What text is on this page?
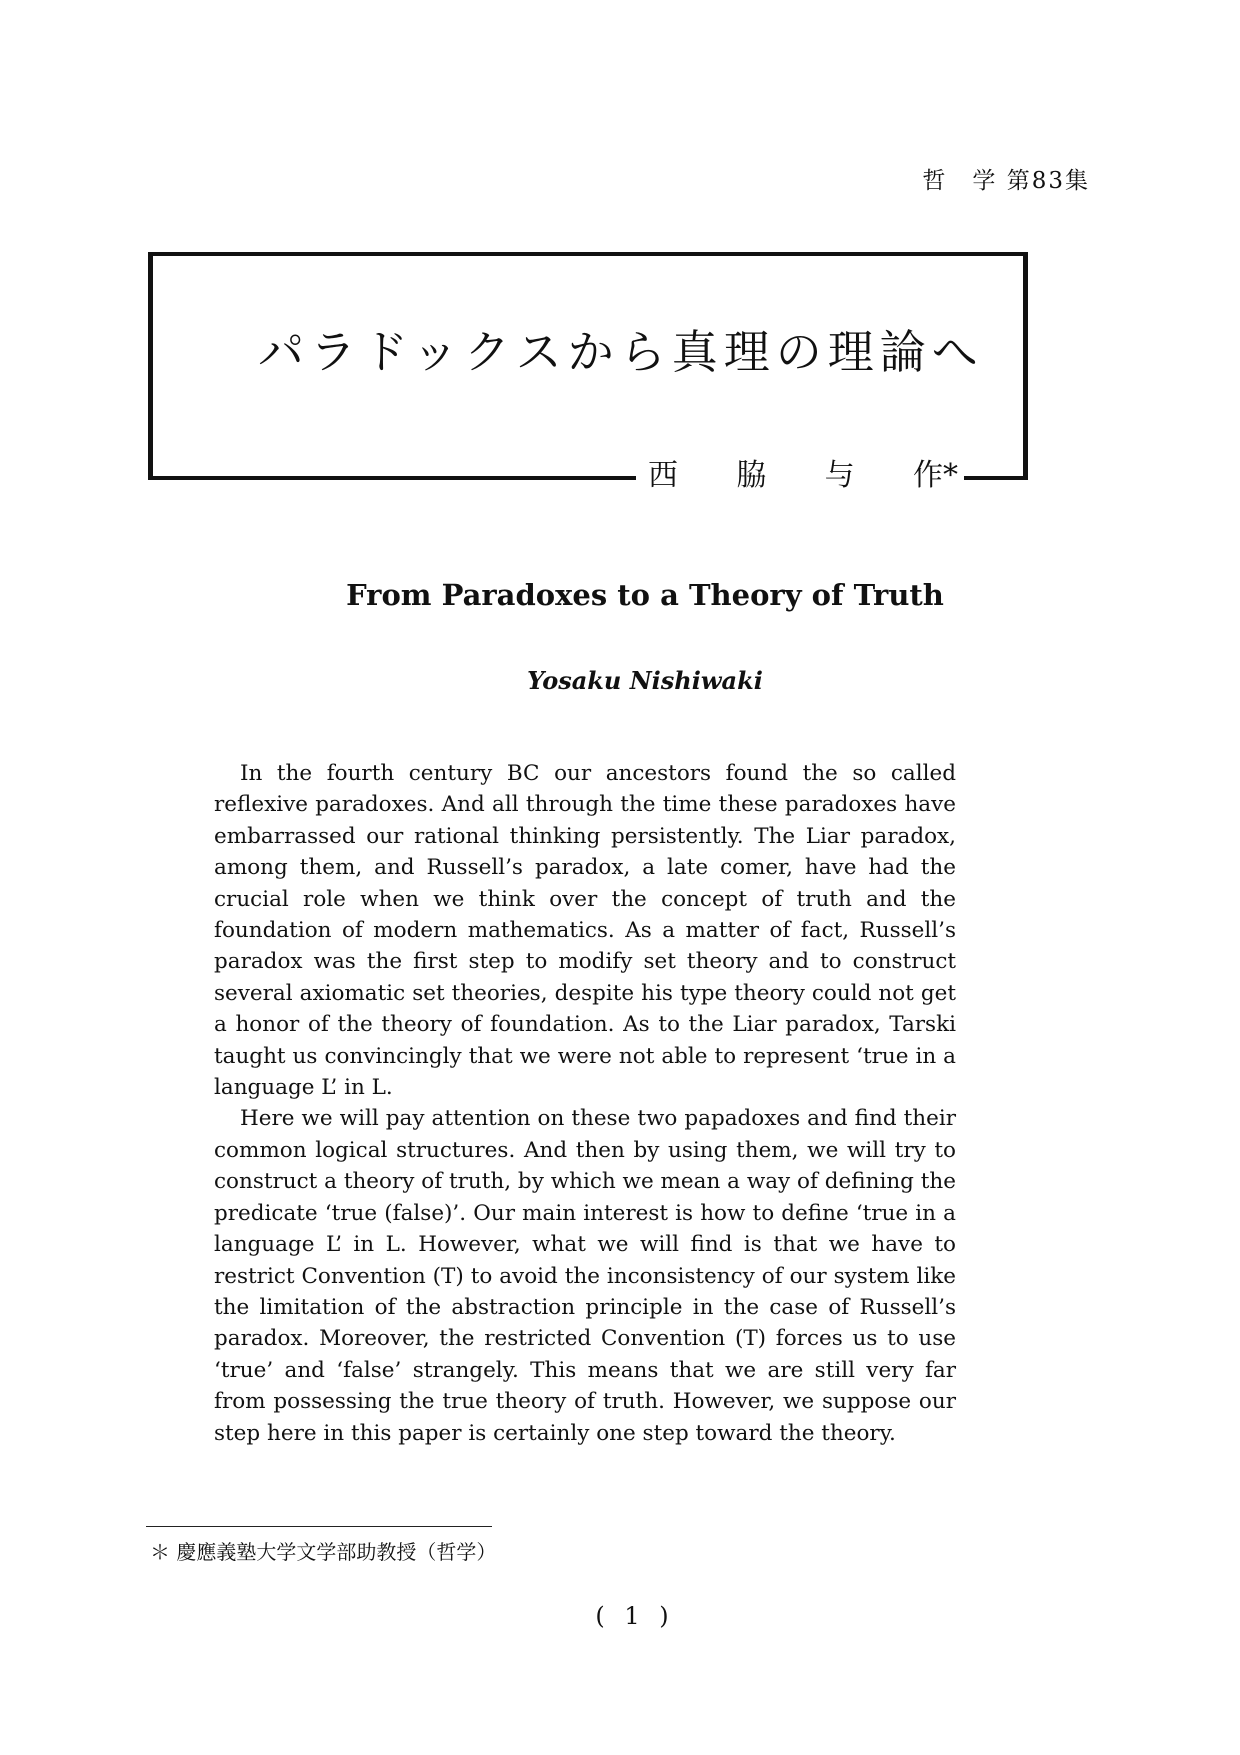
哲　学 第83集
パラドックスから真理の理論へ
西 脇 与 作*
From Paradoxes to a Theory of Truth
Yosaku Nishiwaki

In the fourth century BC our ancestors found the so called reflexive paradoxes. And all through the time these paradoxes have embarrassed our rational thinking persistently. The Liar paradox, among them, and Russell’s paradox, a late comer, have had the crucial role when we think over the concept of truth and the foundation of modern mathematics. As a matter of fact, Russell’s paradox was the first step to modify set theory and to construct several axiomatic set theories, despite his type theory could not get a honor of the theory of foundation. As to the Liar paradox, Tarski taught us convincingly that we were not able to represent ‘true in a language L’ in L.

Here we will pay attention on these two papadoxes and find their common logical structures. And then by using them, we will try to construct a theory of truth, by which we mean a way of defining the predicate ‘true (false)’. Our main interest is how to define ‘true in a language L’ in L. However, what we will find is that we have to restrict Convention (T) to avoid the inconsistency of our system like the limitation of the abstraction principle in the case of Russell’s paradox. Moreover, the restricted Convention (T) forces us to use ‘true’ and ‘false’ strangely. This means that we are still very far from possessing the true theory of truth. However, we suppose our step here in this paper is certainly one step toward the theory.

＊ 慶應義塾大学文学部助教授（哲学）
( 1 )
